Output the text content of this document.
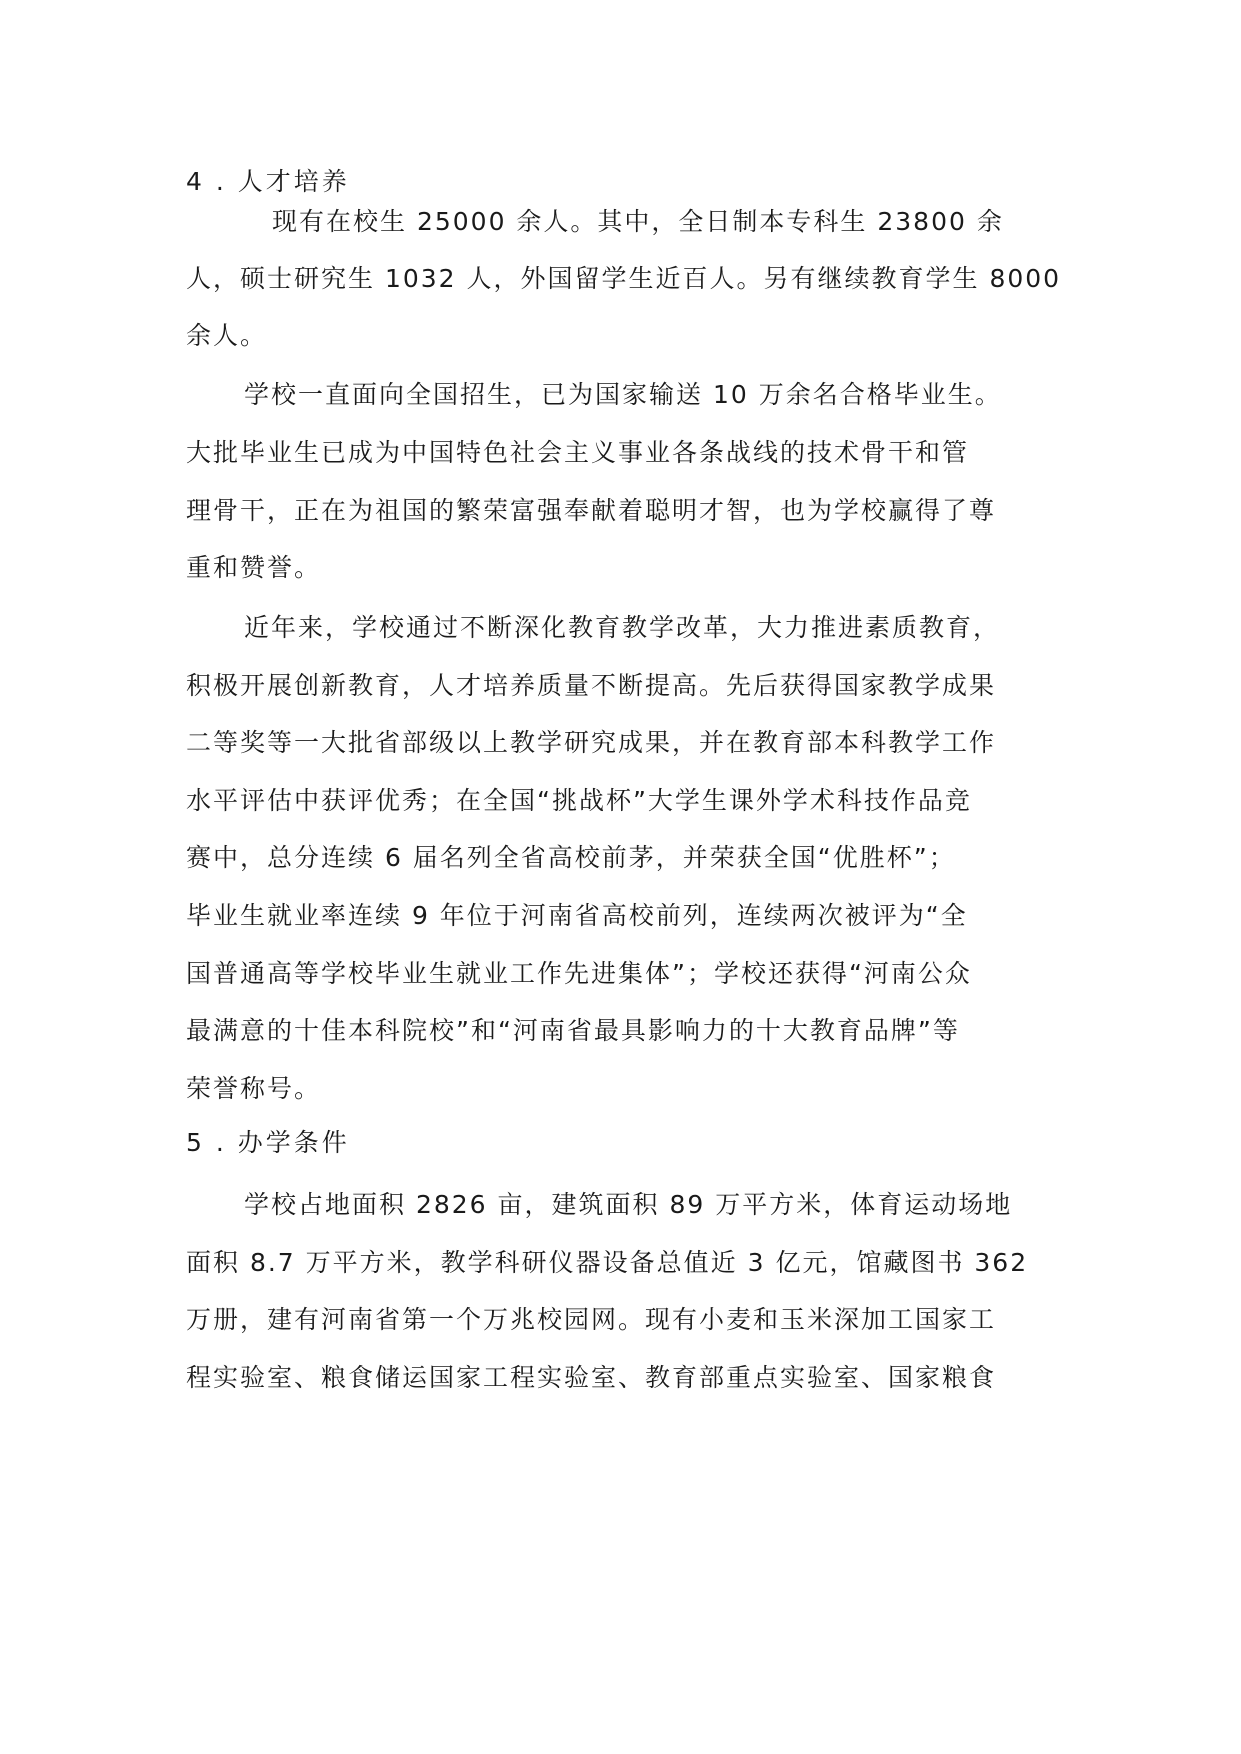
4 . 人才培养
现有在校生 25000 余人。其中，全日制本专科生 23800 余
人，硕士研究生 1032 人，外国留学生近百人。另有继续教育学生 8000
余人。
学校一直面向全国招生，已为国家输送 10 万余名合格毕业生。
大批毕业生已成为中国特色社会主义事业各条战线的技术骨干和管
理骨干，正在为祖国的繁荣富强奉献着聪明才智，也为学校赢得了尊
重和赞誉。
近年来，学校通过不断深化教育教学改革，大力推进素质教育，
积极开展创新教育，人才培养质量不断提高。先后获得国家教学成果
二等奖等一大批省部级以上教学研究成果，并在教育部本科教学工作
水平评估中获评优秀；在全国“挑战杯”大学生课外学术科技作品竞
赛中，总分连续 6 届名列全省高校前茅，并荣获全国“优胜杯”；
毕业生就业率连续 9 年位于河南省高校前列，连续两次被评为“全
国普通高等学校毕业生就业工作先进集体”；学校还获得“河南公众
最满意的十佳本科院校”和“河南省最具影响力的十大教育品牌”等
荣誉称号。
5 . 办学条件
学校占地面积 2826 亩，建筑面积 89 万平方米，体育运动场地
面积 8.7 万平方米，教学科研仪器设备总值近 3 亿元，馆藏图书 362
万册，建有河南省第一个万兆校园网。现有小麦和玉米深加工国家工
程实验室、粮食储运国家工程实验室、教育部重点实验室、国家粮食
